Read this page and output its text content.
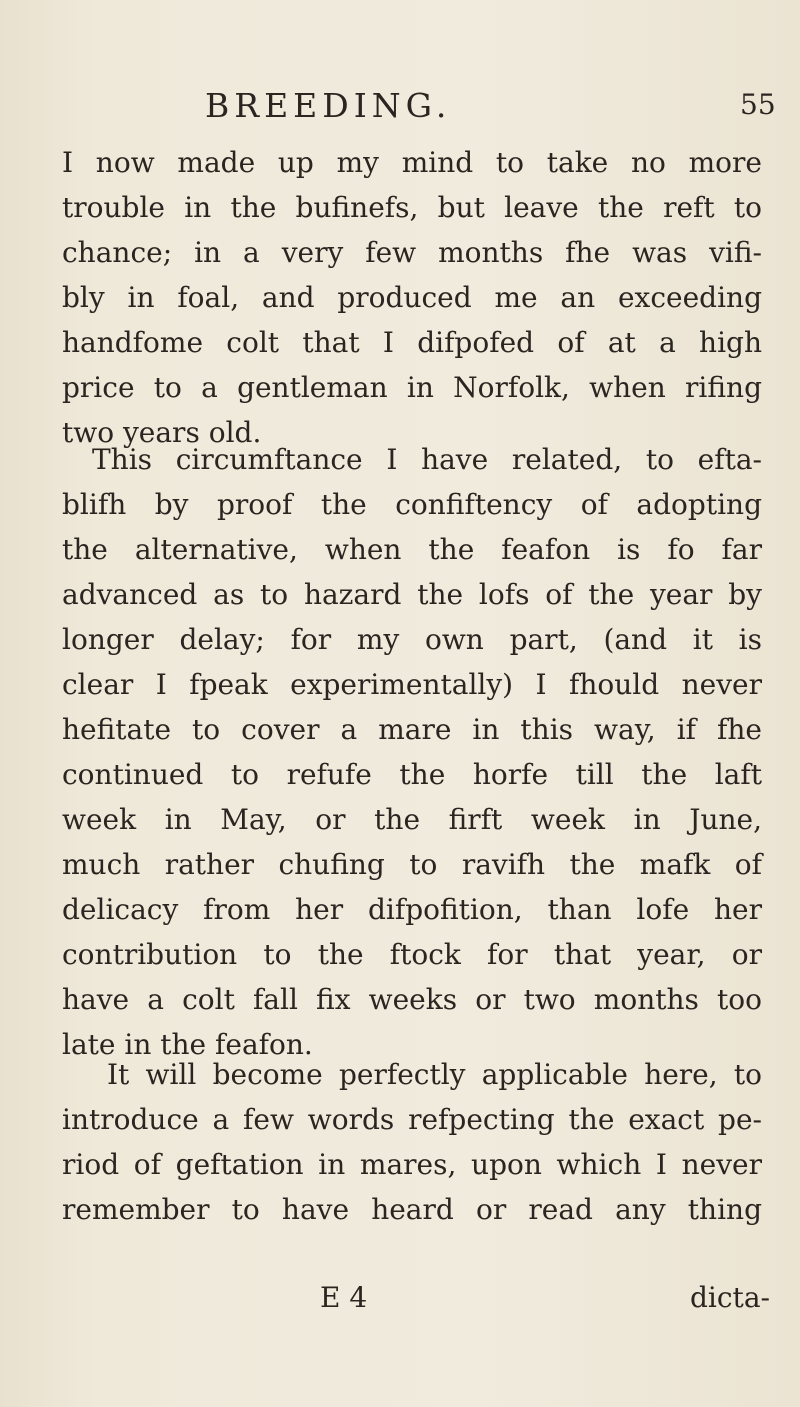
BREEDING.	55
I now made up my mind to take no more
trouble in the bufinefs, but leave the reft to
chance; in a very few months fhe was vifi-
bly in foal, and produced me an exceeding
handfome colt that I difpofed of at a high
price to a gentleman in Norfolk, when rifing
two years old.
This circumftance I have related, to efta-
blifh by proof the confiftency of adopting
the alternative, when the feafon is fo far
advanced as to hazard the lofs of the year by
longer delay; for my own part, (and it is
clear I fpeak experimentally) I fhould never
hefitate to cover a mare in this way, if fhe
continued to refufe the horfe till the laft
week in May, or the firft week in June,
much rather chufing to ravifh the mafk of
delicacy from her difpofition, than lofe her
contribution to the ftock for that year, or
have a colt fall fix weeks or two months too
late in the feafon.
It will become perfectly applicable here, to
introduce a few words refpecting the exact pe-
riod of geftation in mares, upon which I never
remember to have heard or read any thing
E 4	dicta-
